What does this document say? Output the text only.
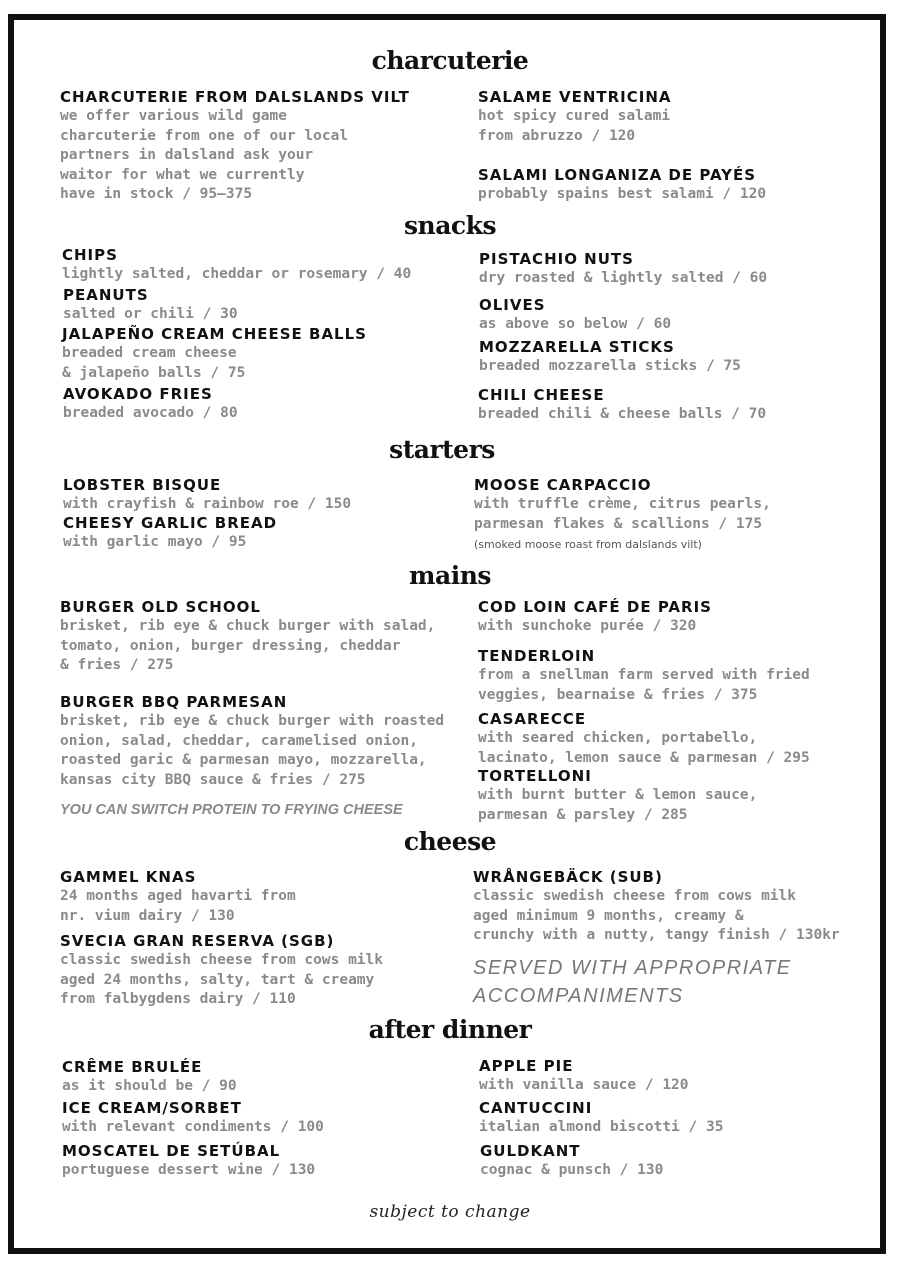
charcuterie
CHARCUTERIE FROM DALSLANDS VILT
we offer various wild game
charcuterie from one of our local
partners in dalsland ask your
waitor for what we currently
have in stock / 95—375
SALAME VENTRICINA
hot spicy cured salami
from abruzzo / 120
SALAMI LONGANIZA DE PAYÉS
probably spains best salami / 120
snacks
CHIPS
lightly salted, cheddar or rosemary / 40
PEANUTS
salted or chili / 30
JALAPEÑO CREAM CHEESE BALLS
breaded cream cheese
& jalapeño balls / 75
AVOKADO FRIES
breaded avocado / 80
PISTACHIO NUTS
dry roasted & lightly salted / 60
OLIVES
as above so below / 60
MOZZARELLA STICKS
breaded mozzarella sticks / 75
CHILI CHEESE
breaded chili & cheese balls / 70
starters
LOBSTER BISQUE
with crayfish & rainbow roe / 150
CHEESY GARLIC BREAD
with garlic mayo / 95
MOOSE CARPACCIO
with truffle crème, citrus pearls,
parmesan flakes & scallions / 175
(smoked moose roast from dalslands vilt)
mains
BURGER OLD SCHOOL
brisket, rib eye & chuck burger with salad,
tomato, onion, burger dressing, cheddar
& fries / 275
BURGER BBQ PARMESAN
brisket, rib eye & chuck burger with roasted
onion, salad, cheddar, caramelised onion,
roasted garic & parmesan mayo, mozzarella,
kansas city BBQ sauce & fries / 275
YOU CAN SWITCH PROTEIN TO FRYING CHEESE
COD LOIN CAFÉ DE PARIS
with sunchoke purée / 320
TENDERLOIN
from a snellman farm served with fried
veggies, bearnaise & fries / 375
CASARECCE
with seared chicken, portabello,
lacinato, lemon sauce & parmesan / 295
TORTELLONI
with burnt butter & lemon sauce,
parmesan & parsley / 285
cheese
GAMMEL KNAS
24 months aged havarti from
nr. vium dairy / 130
SVECIA GRAN RESERVA (SGB)
classic swedish cheese from cows milk
aged 24 months, salty, tart & creamy
from falbygdens dairy / 110
WRÅNGEBÄCK (SUB)
classic swedish cheese from cows milk
aged minimum 9 months, creamy &
crunchy with a nutty, tangy finish / 130kr
SERVED WITH APPROPRIATE
ACCOMPANIMENTS
after dinner
CRÊME BRULÉE
as it should be / 90
ICE CREAM/SORBET
with relevant condiments / 100
MOSCATEL DE SETÚBAL
portuguese dessert wine / 130
APPLE PIE
with vanilla sauce / 120
CANTUCCINI
italian almond biscotti / 35
GULDKANT
cognac & punsch / 130
subject to change
